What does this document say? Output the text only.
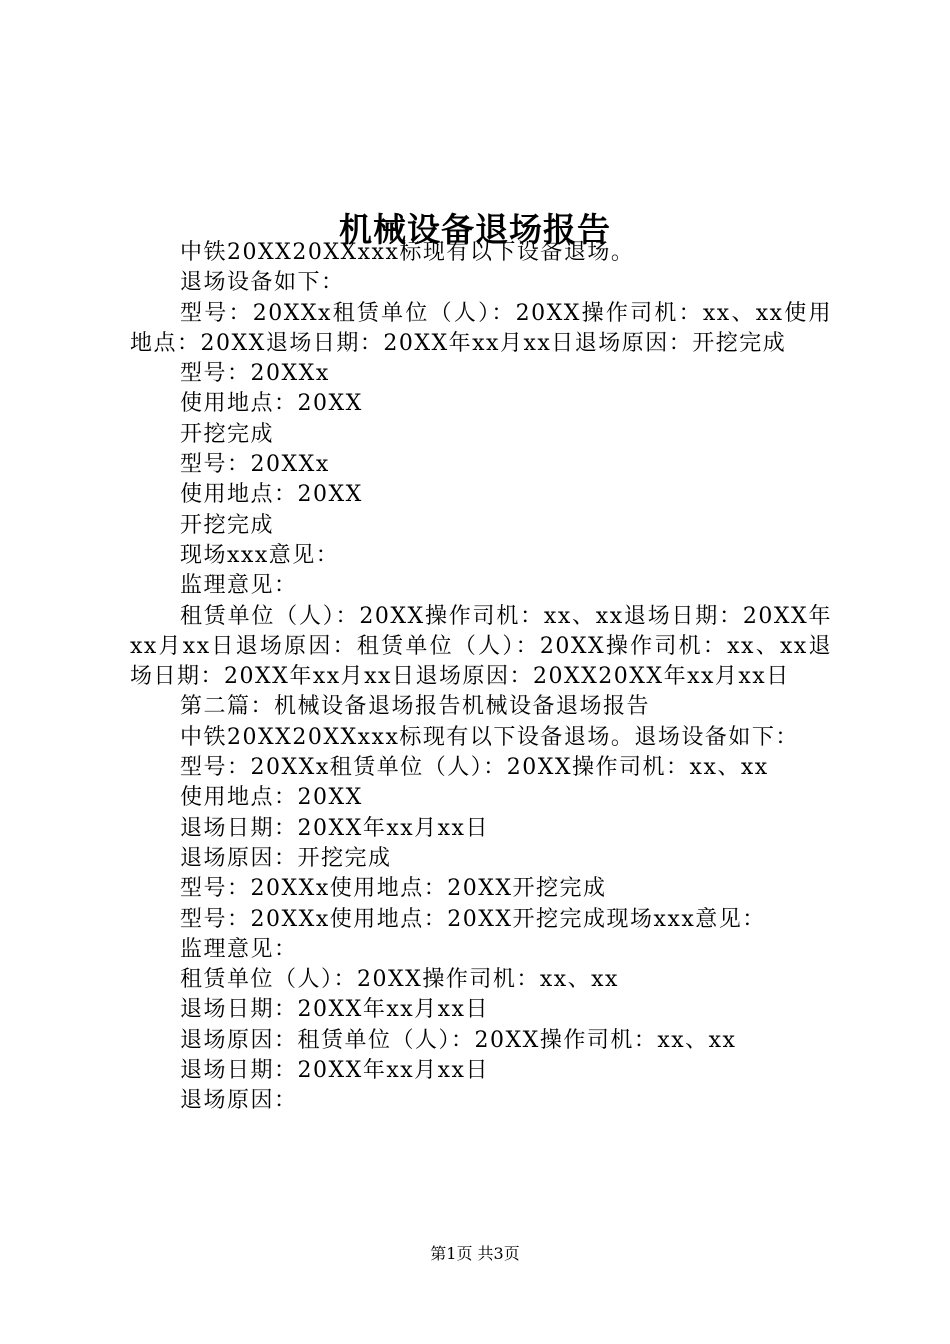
机械设备退场报告

中铁20XX20XXxxx标现有以下设备退场。

退场设备如下：

型号：20XXx租赁单位（人）：20XX操作司机：xx、xx使用地点：20XX退场日期：20XX年xx月xx日退场原因：开挖完成

型号：20XXx

使用地点：20XX

开挖完成

型号：20XXx

使用地点：20XX

开挖完成

现场xxx意见：

监理意见：

租赁单位（人）：20XX操作司机：xx、xx退场日期：20XX年xx月xx日退场原因：租赁单位（人）：20XX操作司机：xx、xx退场日期：20XX年xx月xx日退场原因：20XX20XX年xx月xx日

第二篇：机械设备退场报告机械设备退场报告

中铁20XX20XXxxx标现有以下设备退场。退场设备如下：

型号：20XXx租赁单位（人）：20XX操作司机：xx、xx

使用地点：20XX

退场日期：20XX年xx月xx日

退场原因：开挖完成

型号：20XXx使用地点：20XX开挖完成

型号：20XXx使用地点：20XX开挖完成现场xxx意见：

监理意见：

租赁单位（人）：20XX操作司机：xx、xx

退场日期：20XX年xx月xx日

退场原因：租赁单位（人）：20XX操作司机：xx、xx

退场日期：20XX年xx月xx日

退场原因：

第1页 共3页
